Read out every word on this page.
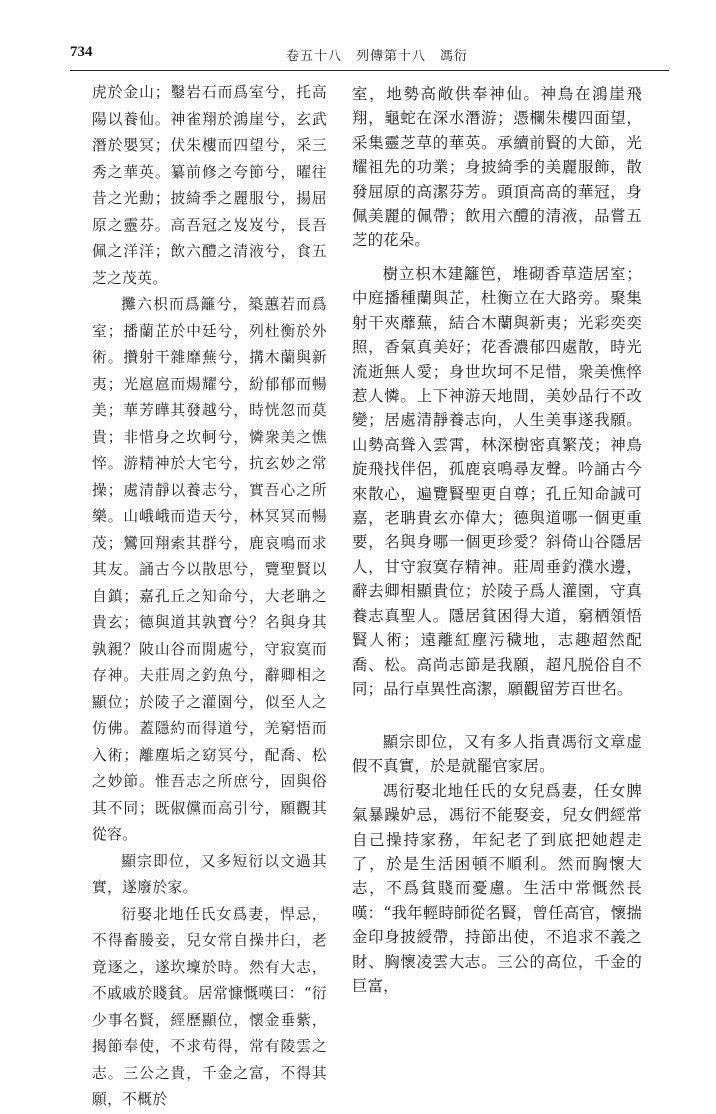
734	卷五十八　列傳第十八　馮衍

虎於金山；鑿岩石而爲室兮，托高陽以養仙。神雀翔於鴻崖兮，玄武潛於嬰冥；伏朱樓而四望兮，采三秀之華英。纂前修之夸節兮，曜往昔之光勳；披綺季之麗服兮，揚屈原之靈芬。高吾冠之岌岌兮，長吾佩之洋洋；飲六醴之清液兮，食五芝之茂英。

攤六枳而爲籬兮，築蕙若而爲室；播蘭芷於中廷兮，列杜衡於外術。攢射干雜靡蕪兮，搆木蘭與新夷；光扈扈而煬耀兮，紛郁郁而暢美；華芳曄其發越兮，時恍忽而莫貴；非惜身之坎軻兮，憐衆美之憔悴。游精神於大宅兮，抗玄妙之常操；處清靜以養志兮，實吾心之所樂。山峨峨而造天兮，林冥冥而暢茂；鸞回翔索其群兮，鹿哀鳴而求其友。誦古今以散思兮，覽聖賢以自鎮；嘉孔丘之知命兮，大老聃之貴玄；德與道其孰寶兮？名與身其孰親？陂山谷而閒處兮，守寂寞而存神。夫莊周之釣魚兮，辭卿相之顯位；於陵子之灌園兮，似至人之仿佛。蓋隱約而得道兮，羌窮悟而入術；離塵垢之窈冥兮，配喬、松之妙節。惟吾志之所庶兮，固與俗其不同；既俶儻而高引兮，願觀其從容。

顯宗即位，又多短衍以文過其實，遂廢於家。

衍娶北地任氏女爲妻，悍忌，不得畜媵妾，兒女常自操井臼，老竟逐之，遂坎壈於時。然有大志，不戚戚於賤貧。居常慷慨嘆曰：“衍少事名賢，經歷顯位，懷金垂紫，揭節奉使，不求苟得，常有陵雲之志。三公之貴，千金之富，不得其願，不概於

室，地勢高敞供奉神仙。神鳥在鴻崖飛翔，龜蛇在深水潛游；憑欄朱樓四面望，采集靈芝草的華英。承續前賢的大節，光耀祖先的功業；身披綺季的美麗服飾，散發屈原的高潔芬芳。頭頂高高的華冠，身佩美麗的佩帶；飲用六醴的清液，品嘗五芝的花朵。

樹立枳木建籬笆，堆砌香草造居室；中庭播種蘭與芷，杜衡立在大路旁。聚集射干夾蘼蕪，結合木蘭與新夷；光彩奕奕照，香氣真美好；花香濃郁四處散，時光流逝無人愛；身世坎坷不足惜，衆美憔悴惹人憐。上下神游天地間，美妙品行不改變；居處清靜養志向，人生美事遂我願。山勢高聳入雲霄，林深樹密真繁茂；神鳥旋飛找伴侶，孤鹿哀鳴尋友聲。吟誦古今來散心，遍覽賢聖更自尊；孔丘知命誠可嘉，老聃貴玄亦偉大；德與道哪一個更重要，名與身哪一個更珍愛？斜倚山谷隱居人，甘守寂寞存精神。莊周垂釣濮水邊，辭去卿相顯貴位；於陵子爲人灌園，守真養志真聖人。隱居貧困得大道，窮栖領悟賢人術；遠離紅塵污穢地，志趣超然配喬、松。高尚志節是我願，超凡脱俗自不同；品行卓異性高潔，願觀留芳百世名。

顯宗即位，又有多人指責馮衍文章虚假不真實，於是就罷官家居。

馮衍娶北地任氏的女兒爲妻，任女脾氣暴躁妒忌，馮衍不能娶妾，兒女們經常自己操持家務，年紀老了到底把她趕走了，於是生活困頓不順利。然而胸懷大志，不爲貧賤而憂慮。生活中常慨然長嘆：“我年輕時師從名賢，曾任高官，懷揣金印身披綬帶，持節出使，不追求不義之財、胸懷凌雲大志。三公的高位，千金的巨富，
